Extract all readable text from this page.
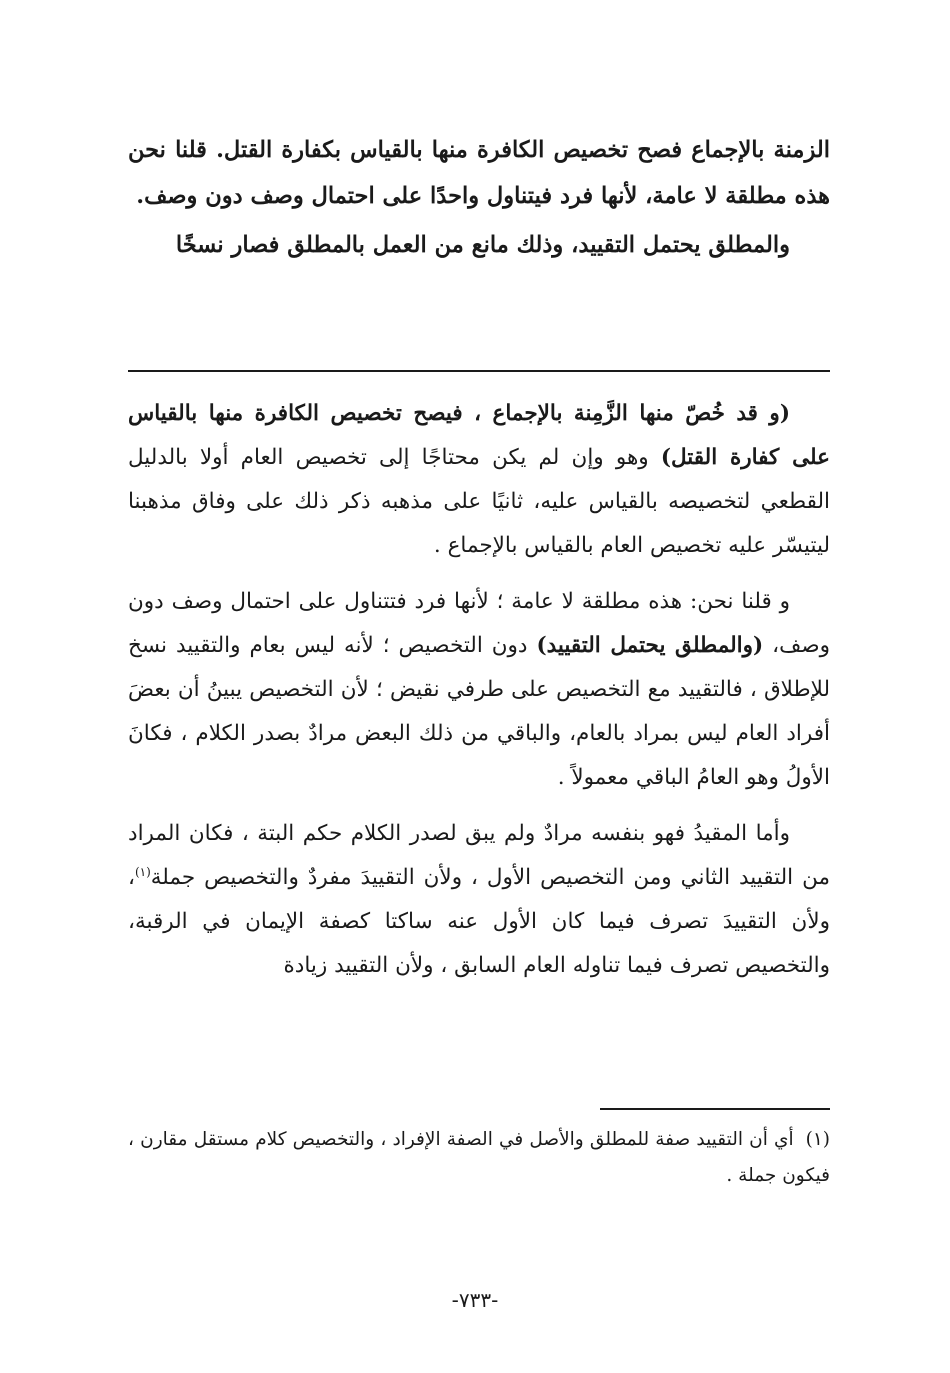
الزمنة بالإجماع فصح تخصيص الكافرة منها بالقياس بكفارة القتل. قلنا نحن هذه مطلقة لا عامة، لأنها فرد فيتناول واحدًا على احتمال وصف دون وصف.

والمطلق يحتمل التقييد، وذلك مانع من العمل بالمطلق فصار نسخًا

(و قد خُصّ منها الزَّمِنة بالإجماع ، فيصح تخصيص الكافرة منها بالقياس على كفارة القتل) وهو وإن لم يكن محتاجًا إلى تخصيص العام أولا بالدليل القطعي لتخصيصه بالقياس عليه، ثانيًا على مذهبه ذكر ذلك على وفاق مذهبنا ليتيسّر عليه تخصيص العام بالقياس بالإجماع .

و قلنا نحن: هذه مطلقة لا عامة ؛ لأنها فرد فتتناول على احتمال وصف دون وصف، (والمطلق يحتمل التقييد) دون التخصيص ؛ لأنه ليس بعام والتقييد نسخ للإطلاق ، فالتقييد مع التخصيص على طرفي نقيض ؛ لأن التخصيص يبينُ أن بعضَ أفراد العام ليس بمراد بالعام، والباقي من ذلك البعض مرادٌ بصدر الكلام ، فكانَ الأولُ وهو العامُ الباقي معمولاً .

وأما المقيدُ فهو بنفسه مرادٌ ولم يبق لصدر الكلام حكم البتة ، فكان المراد من التقييد الثاني ومن التخصيص الأول ، ولأن التقييدَ مفردٌ والتخصيص جملة$^{(١)}$، ولأن التقييدَ تصرف فيما كان الأول عنه ساكتا كصفة الإيمان في الرقبة، والتخصيص تصرف فيما تناوله العام السابق ، ولأن التقييد زيادة

(١)أي أن التقييد صفة للمطلق والأصل في الصفة الإفراد ، والتخصيص كلام مستقل مقارن ، فيكون جملة .

-٧٣٣-
